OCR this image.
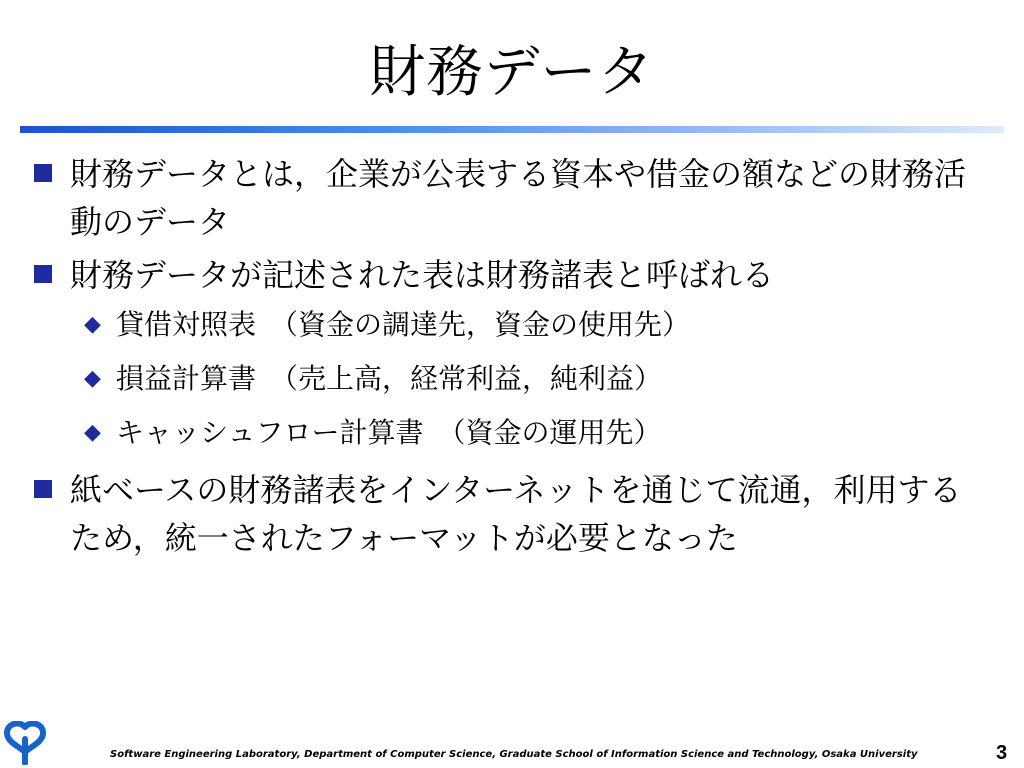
財務データ
財務データとは，企業が公表する資本や借金の額などの財務活動のデータ
財務データが記述された表は財務諸表と呼ばれる
◆ 貸借対照表　（資金の調達先，資金の使用先）
◆ 損益計算書　（売上高，経常利益，純利益）
◆ キャッシュフロー計算書　（資金の運用先）
紙ベースの財務諸表をインターネットを通じて流通，利用するため，統一されたフォーマットが必要となった
Software Engineering Laboratory, Department of Computer Science, Graduate School of Information Science and Technology, Osaka University	3
